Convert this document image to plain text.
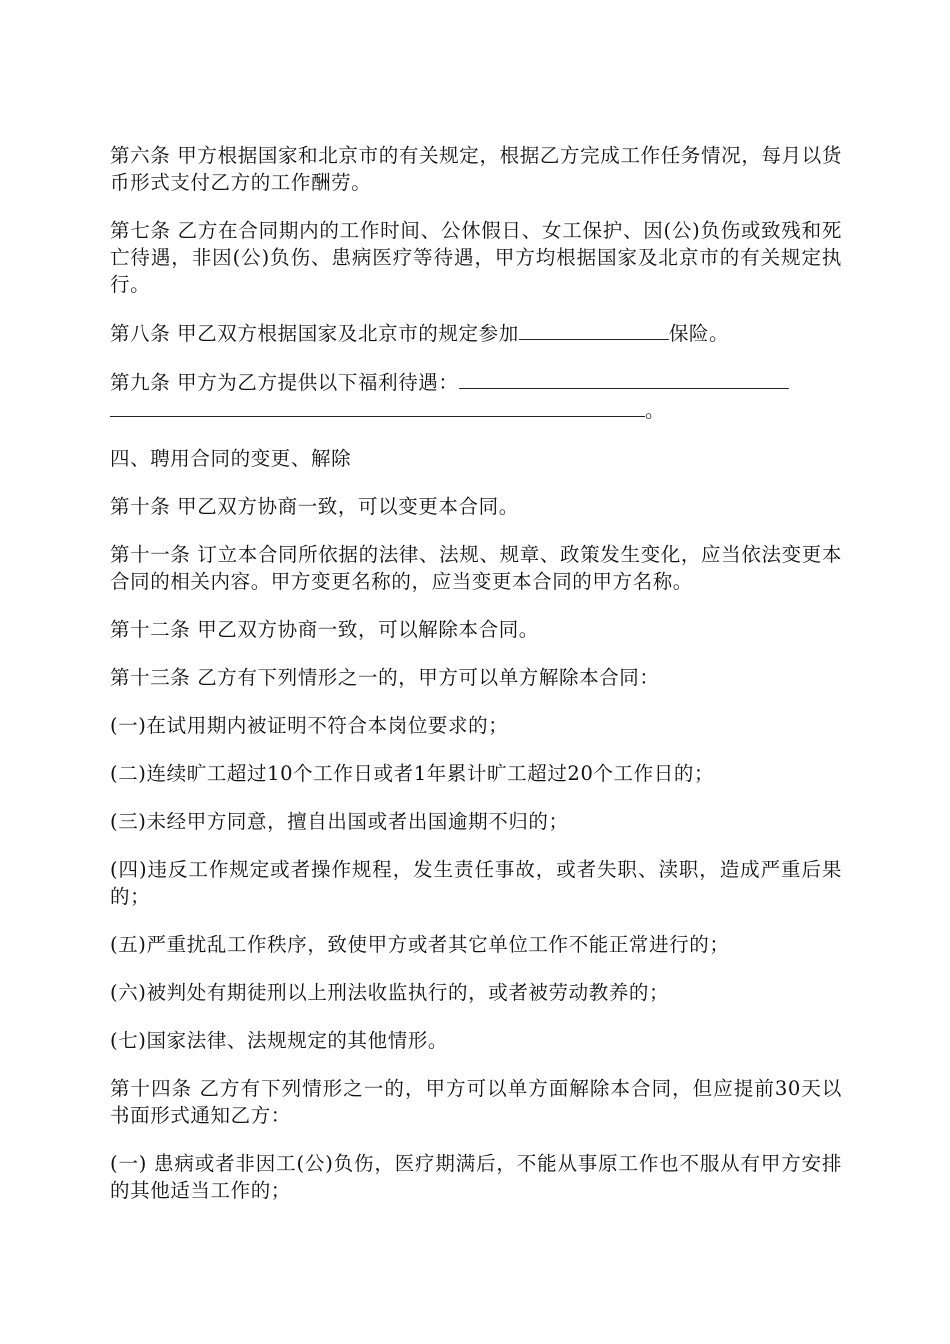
第六条 甲方根据国家和北京市的有关规定，根据乙方完成工作任务情况，每月以货币形式支付乙方的工作酬劳。

第七条 乙方在合同期内的工作时间、公休假日、女工保护、因(公)负伤或致残和死亡待遇，非因(公)负伤、患病医疗等待遇，甲方均根据国家及北京市的有关规定执行。

第八条 甲乙双方根据国家及北京市的规定参加	保险。

第九条 甲方为乙方提供以下福利待遇：
。

四、聘用合同的变更、解除

第十条 甲乙双方协商一致，可以变更本合同。

第十一条 订立本合同所依据的法律、法规、规章、政策发生变化，应当依法变更本合同的相关内容。甲方变更名称的，应当变更本合同的甲方名称。

第十二条 甲乙双方协商一致，可以解除本合同。

第十三条 乙方有下列情形之一的，甲方可以单方解除本合同：

(一)在试用期内被证明不符合本岗位要求的；

(二)连续旷工超过10个工作日或者1年累计旷工超过20个工作日的；

(三)未经甲方同意，擅自出国或者出国逾期不归的；

(四)违反工作规定或者操作规程，发生责任事故，或者失职、渎职，造成严重后果的；

(五)严重扰乱工作秩序，致使甲方或者其它单位工作不能正常进行的；

(六)被判处有期徒刑以上刑法收监执行的，或者被劳动教养的；

(七)国家法律、法规规定的其他情形。

第十四条 乙方有下列情形之一的，甲方可以单方面解除本合同，但应提前30天以书面形式通知乙方：

(一) 患病或者非因工(公)负伤，医疗期满后，不能从事原工作也不服从有甲方安排的其他适当工作的；
